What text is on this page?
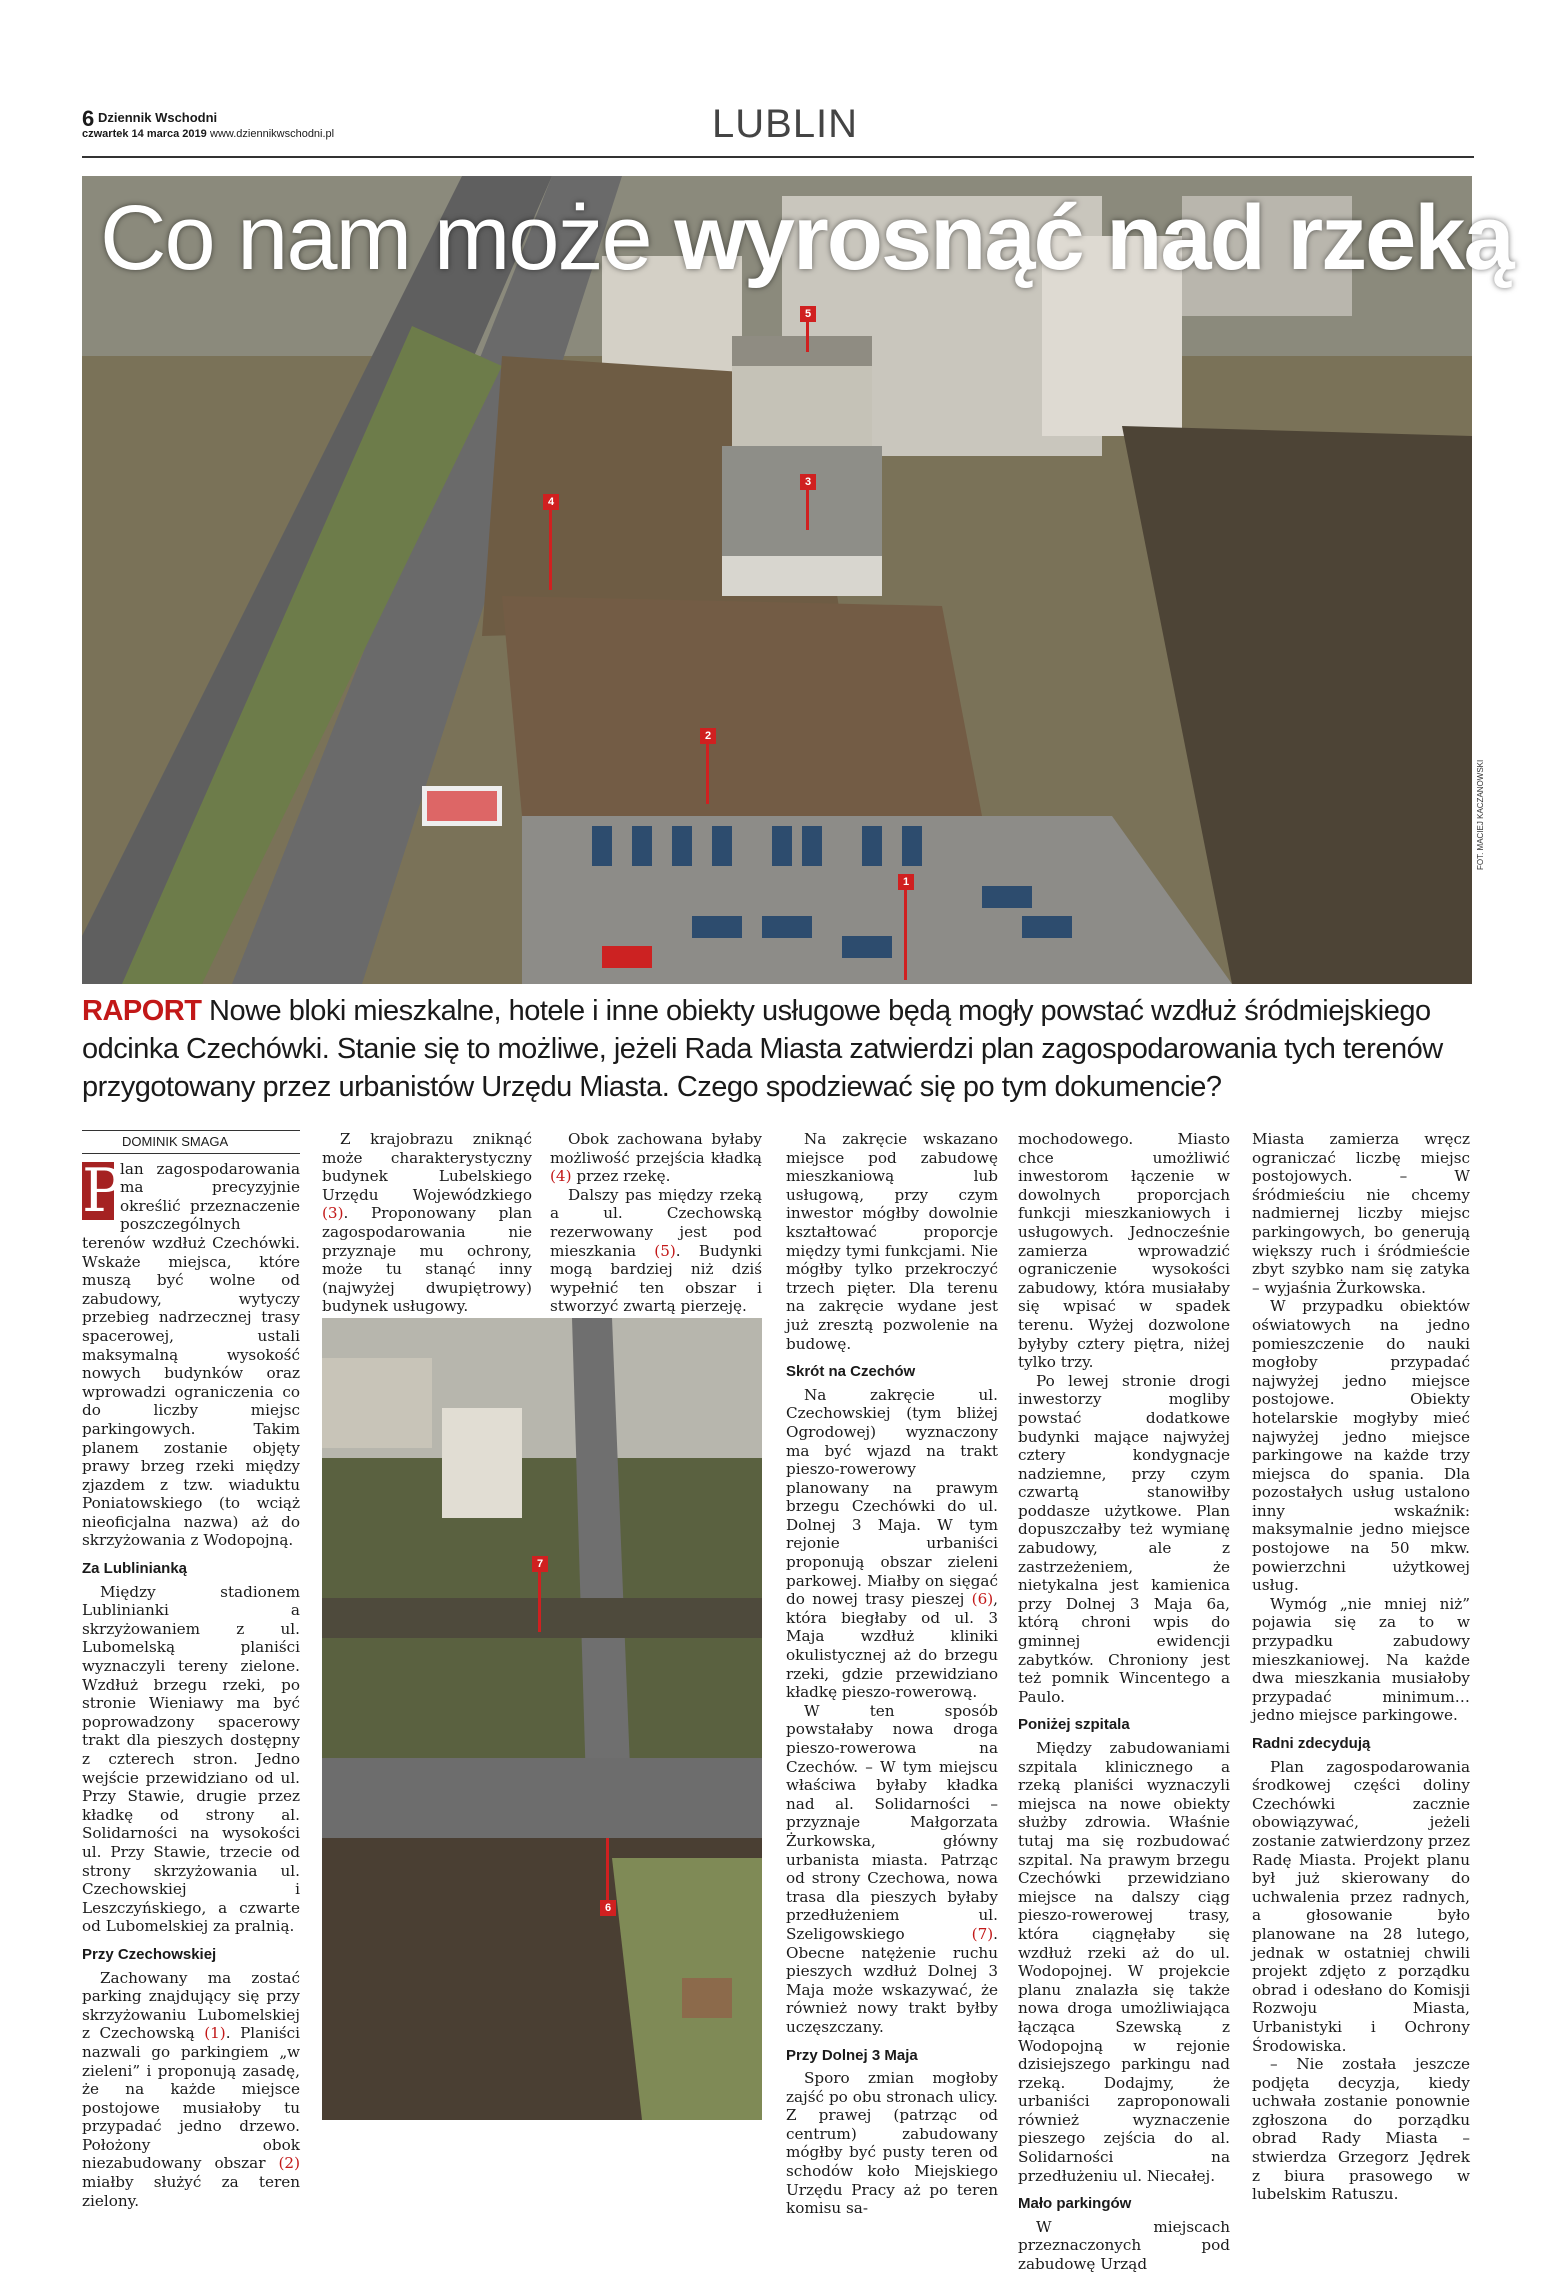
6 Dziennik Wschodni
czwartek 14 marca 2019 www.dziennikwschodni.pl	LUBLIN
Co nam może wyrosnąć nad rzeką
FOT. MACIEJ KACZANOWSKI
1
2
3
4
5
RAPORT Nowe bloki mieszkalne, hotele i inne obiekty usługowe będą mogły powstać wzdłuż śródmiejskiego odcinka Czechówki. Stanie się to możliwe, jeżeli Rada Miasta zatwierdzi plan zagospodarowania tych terenów przygotowany przez urbanistów Urzędu Miasta. Czego spodziewać się po tym dokumencie?
DOMINIK SMAGA

P
lan zagospodarowania ma precyzyjnie określić przeznaczenie poszczególnych terenów wzdłuż Czechówki. Wskaże miejsca, które muszą być wolne od zabudowy, wytyczy przebieg nadrzecznej trasy spacerowej, ustali maksymalną wysokość nowych budynków oraz wprowadzi ograniczenia co do liczby miejsc parkingowych. Takim planem zostanie objęty prawy brzeg rzeki między zjazdem z tzw. wiaduktu Poniatowskiego (to wciąż nieoficjalna nazwa) aż do skrzyżowania z Wodopojną.

Za Lublinianką

Między stadionem Lublinianki a skrzyżowaniem z ul. Lubomelską planiści wyznaczyli tereny zielone. Wzdłuż brzegu rzeki, po stronie Wieniawy ma być poprowadzony spacerowy trakt dla pieszych dostępny z czterech stron. Jedno wejście przewidziano od ul. Przy Stawie, drugie przez kładkę od strony al. Solidarności na wysokości ul. Przy Stawie, trzecie od strony skrzyżowania ul. Czechowskiej i Leszczyńskiego, a czwarte od Lubomelskiej za pralnią.

Przy Czechowskiej

Zachowany ma zostać parking znajdujący się przy skrzyżowaniu Lubomelskiej z Czechowską (1). Planiści nazwali go parkingiem „w zieleni” i proponują zasadę, że na każde miejsce postojowe musiałoby tu przypadać jedno drzewo. Położony obok niezabudowany obszar (2) miałby służyć za teren zielony.

Z krajobrazu zniknąć może charakterystyczny budynek Lubelskiego Urzędu Wojewódzkiego (3). Proponowany plan zagospodarowania nie przyznaje mu ochrony, może tu stanąć inny (najwyżej dwupiętrowy) budynek usługowy.

Obok zachowana byłaby możliwość przejścia kładką (4) przez rzekę.

Dalszy pas między rzeką a ul. Czechowską rezerwowany jest pod mieszkania (5). Budynki mogą bardziej niż dziś wypełnić ten obszar i stworzyć zwartą pierzeję.

7
6

Na zakręcie wskazano miejsce pod zabudowę mieszkaniową lub usługową, przy czym inwestor mógłby dowolnie kształtować proporcje między tymi funkcjami. Nie mógłby tylko przekroczyć trzech pięter. Dla terenu na zakręcie wydane jest już zresztą pozwolenie na budowę.

Skrót na Czechów

Na zakręcie ul. Czechowskiej (tym bliżej Ogrodowej) wyznaczony ma być wjazd na trakt pieszo-rowerowy planowany na prawym brzegu Czechówki do ul. Dolnej 3 Maja. W tym rejonie urbaniści proponują obszar zieleni parkowej. Miałby on sięgać do nowej trasy pieszej (6), która biegłaby od ul. 3 Maja wzdłuż kliniki okulistycznej aż do brzegu rzeki, gdzie przewidziano kładkę pieszo-rowerową.

W ten sposób powstałaby nowa droga pieszo-rowerowa na Czechów. – W tym miejscu właściwa byłaby kładka nad al. Solidarności – przyznaje Małgorzata Żurkowska, główny urbanista miasta. Patrząc od strony Czechowa, nowa trasa dla pieszych byłaby przedłużeniem ul. Szeligowskiego	(7). Obecne natężenie ruchu pieszych wzdłuż Dolnej 3 Maja może wskazywać, że również nowy trakt byłby uczęszczany.

Przy Dolnej 3 Maja

Sporo zmian mogłoby zajść po obu stronach ulicy. Z prawej (patrząc od centrum) zabudowany mógłby być pusty teren od schodów koło Miejskiego Urzędu Pracy aż po teren komisu sa-

mochodowego. Miasto chce umożliwić inwestorom łączenie w dowolnych proporcjach funkcji mieszkaniowych i usługowych. Jednocześnie zamierza wprowadzić ograniczenie wysokości zabudowy, która musiałaby się wpisać w spadek terenu. Wyżej dozwolone byłyby cztery piętra, niżej tylko trzy.

Po lewej stronie drogi inwestorzy mogliby powstać dodatkowe budynki mające najwyżej cztery kondygnacje nadziemne, przy czym czwartą stanowiłby poddasze użytkowe. Plan dopuszczałby też wymianę zabudowy, ale z zastrzeżeniem, że nietykalna jest kamienica przy Dolnej 3 Maja 6a, którą chroni wpis do gminnej ewidencji zabytków. Chroniony jest też pomnik Wincentego a Paulo.

Poniżej szpitala

Między zabudowaniami szpitala klinicznego a rzeką planiści wyznaczyli miejsca na nowe obiekty służby zdrowia. Właśnie tutaj ma się rozbudować szpital. Na prawym brzegu Czechówki przewidziano miejsce na dalszy ciąg pieszo-rowerowej trasy, która ciągnęłaby się wzdłuż rzeki aż do ul. Wodopojnej. W projekcie planu znalazła się także nowa droga umożliwiająca łącząca Szewską z Wodopojną w rejonie dzisiejszego parkingu nad rzeką. Dodajmy, że urbaniści zaproponowali również wyznaczenie pieszego zejścia do al. Solidarności na przedłużeniu ul. Niecałej.

Mało parkingów

W miejscach przeznaczonych pod zabudowę Urząd

Miasta zamierza wręcz ograniczać liczbę miejsc postojowych. – W śródmieściu nie chcemy nadmiernej liczby miejsc parkingowych, bo generują większy ruch i śródmieście zbyt szybko nam się zatyka – wyjaśnia Żurkowska.

W przypadku obiektów oświatowych na jedno pomieszczenie do nauki mogłoby przypadać najwyżej jedno miejsce postojowe. Obiekty hotelarskie mogłyby mieć najwyżej jedno miejsce parkingowe na każde trzy miejsca do spania. Dla pozostałych usług ustalono inny wskaźnik: maksymalnie jedno miejsce postojowe na 50 mkw. powierzchni użytkowej usług.

Wymóg „nie mniej niż” pojawia się za to w przypadku zabudowy mieszkaniowej. Na każde dwa mieszkania musiałoby przypadać minimum… jedno miejsce parkingowe.

Radni zdecydują

Plan zagospodarowania środkowej części doliny Czechówki zacznie obowiązywać, jeżeli zostanie zatwierdzony przez Radę Miasta. Projekt planu był już skierowany do uchwalenia przez radnych, a głosowanie było planowane na 28 lutego, jednak w ostatniej chwili projekt zdjęto z porządku obrad i odesłano do Komisji Rozwoju Miasta, Urbanistyki i Ochrony Środowiska.

– Nie została jeszcze podjęta decyzja, kiedy uchwała zostanie ponownie zgłoszona do porządku obrad Rady Miasta – stwierdza Grzegorz Jędrek z biura prasowego w lubelskim Ratuszu.
